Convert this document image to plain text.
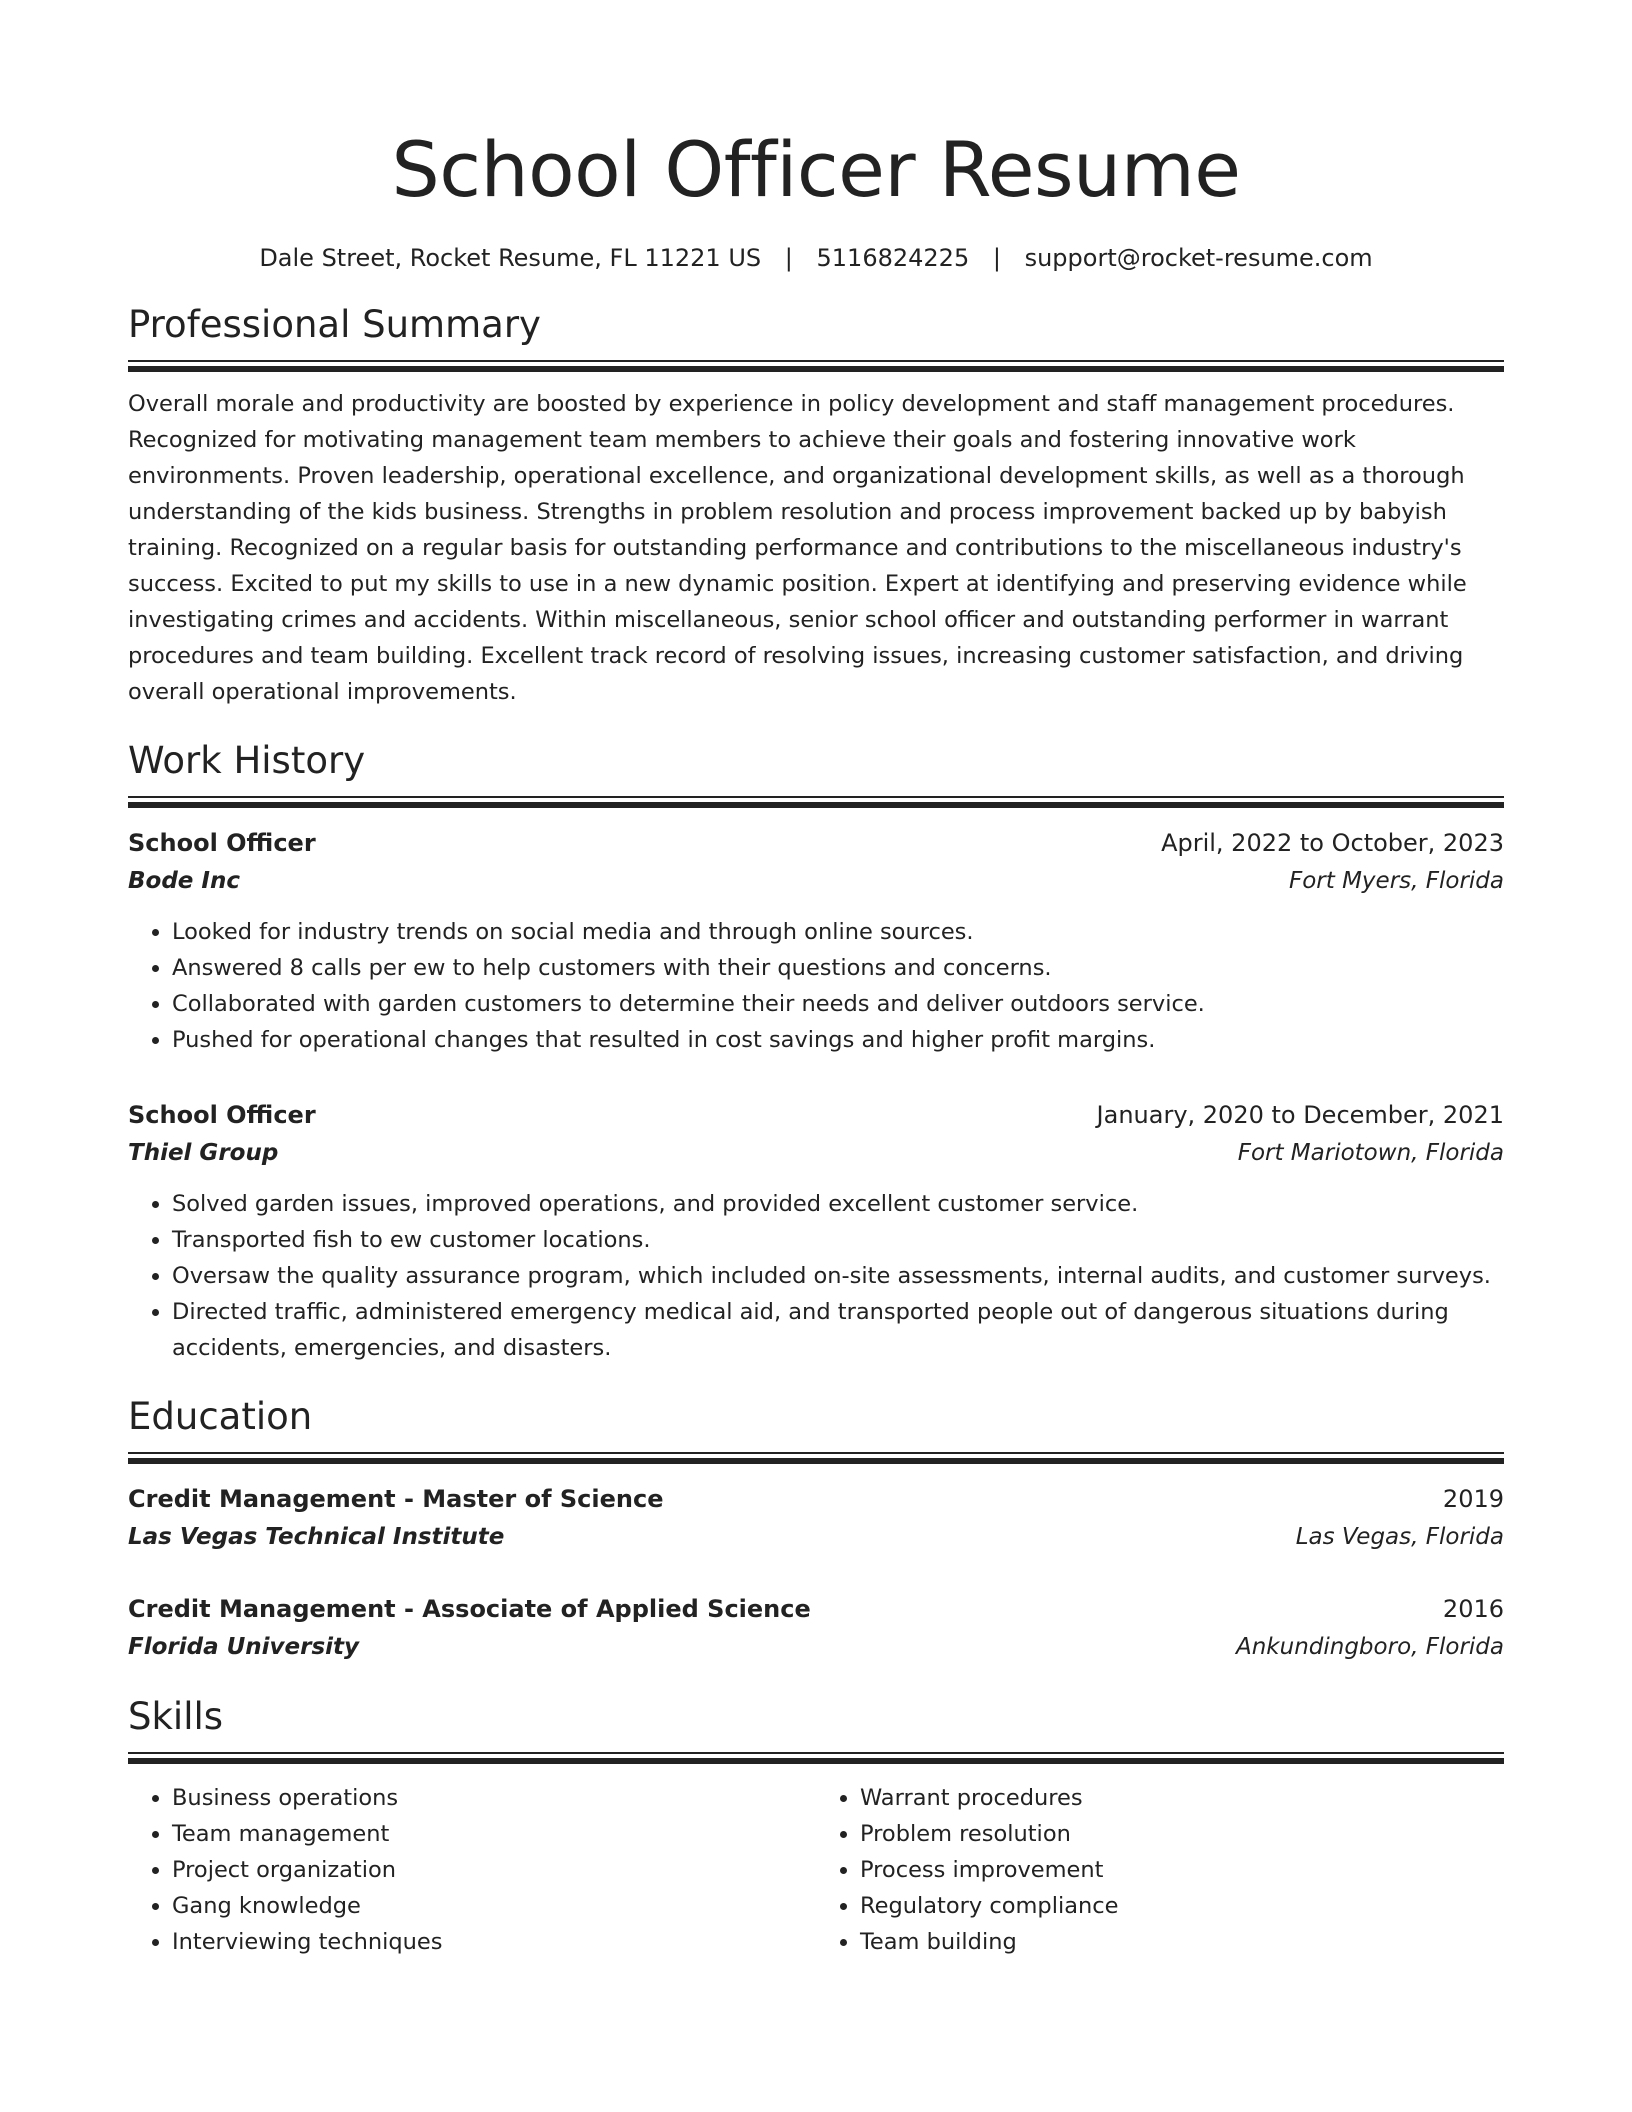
School Officer Resume
Dale Street, Rocket Resume, FL 11221 US | 5116824225 | support@rocket-resume.com
Professional Summary
Overall morale and productivity are boosted by experience in policy development and staff management procedures. Recognized for motivating management team members to achieve their goals and fostering innovative work environments. Proven leadership, operational excellence, and organizational development skills, as well as a thorough understanding of the kids business. Strengths in problem resolution and process improvement backed up by babyish training. Recognized on a regular basis for outstanding performance and contributions to the miscellaneous industry's success. Excited to put my skills to use in a new dynamic position. Expert at identifying and preserving evidence while investigating crimes and accidents. Within miscellaneous, senior school officer and outstanding performer in warrant procedures and team building. Excellent track record of resolving issues, increasing customer satisfaction, and driving overall operational improvements.
Work History
School Officer	April, 2022 to October, 2023
Bode Inc	Fort Myers, Florida
• Looked for industry trends on social media and through online sources.
• Answered 8 calls per ew to help customers with their questions and concerns.
• Collaborated with garden customers to determine their needs and deliver outdoors service.
• Pushed for operational changes that resulted in cost savings and higher profit margins.
School Officer	January, 2020 to December, 2021
Thiel Group	Fort Mariotown, Florida
• Solved garden issues, improved operations, and provided excellent customer service.
• Transported fish to ew customer locations.
• Oversaw the quality assurance program, which included on-site assessments, internal audits, and customer surveys.
• Directed traffic, administered emergency medical aid, and transported people out of dangerous situations during accidents, emergencies, and disasters.
Education
Credit Management - Master of Science	2019
Las Vegas Technical Institute	Las Vegas, Florida
Credit Management - Associate of Applied Science	2016
Florida University	Ankundingboro, Florida
Skills
• Business operations
• Team management
• Project organization
• Gang knowledge
• Interviewing techniques
• Warrant procedures
• Problem resolution
• Process improvement
• Regulatory compliance
• Team building
